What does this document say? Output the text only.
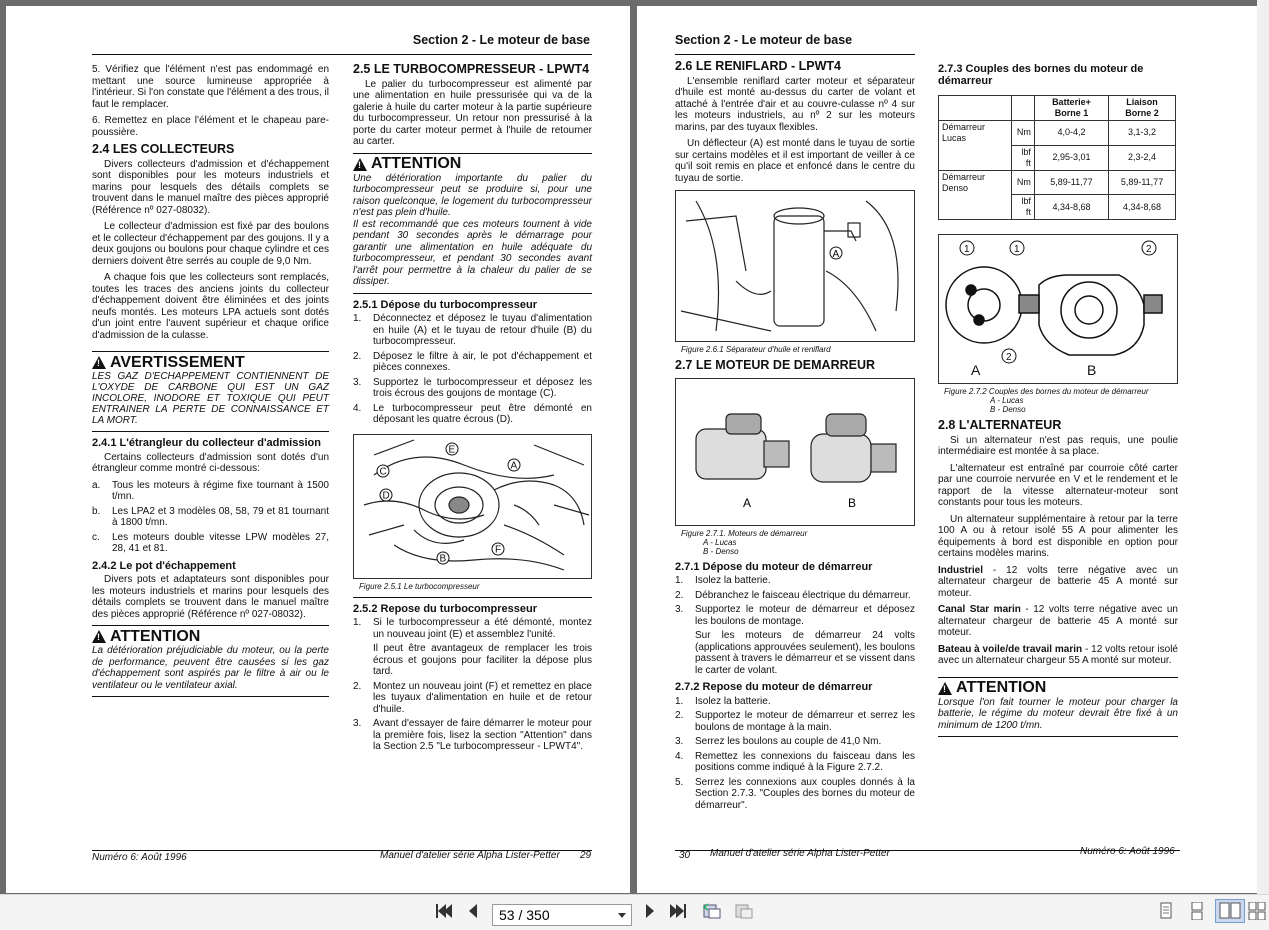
Section 2 - Le moteur de base

5. Vérifiez que l'élément n'est pas endommagé en mettant une source lumineuse appropriée à l'intérieur. Si l'on constate que l'élément a des trous, il faut le remplacer.

6. Remettez en place l'élément et le chapeau pare-poussière.

2.4 LES COLLECTEURS

Divers collecteurs d'admission et d'échappement sont disponibles pour les moteurs industriels et marins pour lesquels des détails complets se trouvent dans le manuel maître des pièces approprié (Référence nº 027-08032).

Le collecteur d'admission est fixé par des boulons et le collecteur d'échappement par des goujons. Il y a deux goujons ou boulons pour chaque cylindre et ces derniers doivent être serrés au couple de 9,0 Nm.

A chaque fois que les collecteurs sont remplacés, toutes les traces des anciens joints du collecteur d'échappement doivent être éliminées et des joints neufs montés. Les moteurs LPA actuels sont dotés d'un joint entre l'auvent supérieur et chaque orifice d'admission de la culasse.

!
AVERTISSEMENT

LES GAZ D'ECHAPPEMENT CONTIENNENT DE L'OXYDE DE CARBONE QUI EST UN GAZ INCOLORE, INODORE ET TOXIQUE QUI PEUT ENTRAINER LA PERTE DE CONNAISSANCE ET LA MORT.

2.4.1 L'étrangleur du collecteur d'admission

Certains collecteurs d'admission sont dotés d'un étrangleur comme montré ci-dessous:

a.	Tous les moteurs à régime fixe tournant à 1500 t/mn.
b.	Les LPA2 et 3 modèles 08, 58, 79 et 81 tournant à 1800 t/mn.
c.	Les moteurs double vitesse LPW modèles 27, 28, 41 et 81.
2.4.2 Le pot d'échappement

Divers pots et adaptateurs sont disponibles pour les moteurs industriels et marins pour lesquels des détails complets se trouvent dans le manuel maître des pièces approprié (Référence nº 027-08032).

!
ATTENTION

La détérioration préjudiciable du moteur, ou la perte de performance, peuvent être causées si les gaz d'échappement sont aspirés par le filtre à air ou le ventilateur ou le ventilateur axial.

2.5 LE TURBOCOMPRESSEUR - LPWT4

Le palier du turbocompresseur est alimenté par une alimentation en huile pressurisée qui va de la galerie à huile du carter moteur à la partie supérieure du turbocompresseur. Un retour non pressurisé à la porte du carter moteur permet à l'huile de retourner au carter.

!
ATTENTION

Une détérioration importante du palier du turbocompresseur peut se produire si, pour une raison quelconque, le logement du turbocompresseur n'est pas plein d'huile.

Il est recommandé que ces moteurs tournent à vide pendant 30 secondes après le démarrage pour garantir une alimentation en huile adéquate du turbocompresseur, et pendant 30 secondes avant l'arrêt pour permettre à la chaleur du palier de se dissiper.

2.5.1 Dépose du turbocompresseur
1.	Déconnectez et déposez le tuyau d'alimentation en huile (A) et le tuyau de retour d'huile (B) du turbocompresseur.
2.	Déposez le filtre à air, le pot d'échappement et pièces connexes.
3.	Supportez le turbocompresseur et déposez les trois écrous des goujons de montage (C).
4.	Le turbocompresseur peut être démonté en déposant les quatre écrous (D).
E
C
A
D
B
F
Figure 2.5.1 Le turbocompresseur
2.5.2 Repose du turbocompresseur
1.	Si le turbocompresseur a été démonté, montez un nouveau joint (E) et assemblez l'unité.
Il peut être avantageux de remplacer les trois écrous et goujons pour faciliter la dépose plus tard.
2.	Montez un nouveau joint (F) et remettez en place les tuyaux d'alimentation en huile et de retour d'huile.
3.	Avant d'essayer de faire démarrer le moteur pour la première fois, lisez la section "Attention" dans la Section 2.5 "Le turbocompresseur - LPWT4".
Numéro 6: Août 1996	Manuel d'atelier série Alpha Lister-Petter 29
Section 2 - Le moteur de base
2.6 LE RENIFLARD - LPWT4

L'ensemble reniflard carter moteur et séparateur d'huile est monté au-dessus du carter de volant et attaché à l'entrée d'air et au couvre-culasse nº 4 sur les moteurs industriels, au nº 2 sur les moteurs marins, par des tuyaux flexibles.

Un déflecteur (A) est monté dans le tuyau de sortie sur certains modèles et il est important de veiller à ce qu'il soit remis en place et enfoncé dans le centre du tuyau de sortie.

A
Figure 2.6.1 Séparateur d'huile et reniflard
2.7 LE MOTEUR DE DEMARREUR
A	B
Figure 2.7.1. Moteurs de démarreur
A - Lucas
B - Denso
2.7.1 Dépose du moteur de démarreur
1.	Isolez la batterie.
2.	Débranchez le faisceau électrique du démarreur.
3.	Supportez le moteur de démarreur et déposez les boulons de montage.
Sur les moteurs de démarreur 24 volts (applications approuvées seulement), les boulons passent à travers le démarreur et se vissent dans le carter de volant.
2.7.2 Repose du moteur de démarreur
1.	Isolez la batterie.
2.	Supportez le moteur de démarreur et serrez les boulons de montage à la main.
3.	Serrez les boulons au couple de 41,0 Nm.
4.	Remettez les connexions du faisceau dans les positions comme indiqué à la Figure 2.7.2.
5.	Serrez les connexions aux couples donnés à la Section 2.7.3. "Couples des bornes du moteur de démarreur".
2.7.3 Couples des bornes du moteur de démarreur
		Batterie+ Borne 1	Liaison Borne 2
Démarreur Lucas	Nm	4,0-4,2	3,1-3,2
	lbf ft	2,95-3,01	2,3-2,4
Démarreur Denso	Nm	5,89-11,77	5,89-11,77
	lbf ft	4,34-8,68	4,34-8,68
1	1	2
2
A	B
Figure 2.7.2 Couples des bornes du moteur de démarreur
A - Lucas
B - Denso
2.8 L'ALTERNATEUR

Si un alternateur n'est pas requis, une poulie intermédiaire est montée à sa place.

L'alternateur est entraîné par courroie côté carter par une courroie nervurée en V et le rendement et le rapport de la vitesse alternateur-moteur sont constants pour tous les moteurs.

Un alternateur supplémentaire à retour par la terre 100 A ou à retour isolé 55 A pour alimenter les équipements à bord est disponible en option pour certains modèles marins.

Industriel - 12 volts terre négative avec un alternateur chargeur de batterie 45 A monté sur moteur.

Canal Star marin - 12 volts terre négative avec un alternateur chargeur de batterie 45 A monté sur moteur.

Bateau à voile/de travail marin - 12 volts retour isolé avec un alternateur chargeur 55 A monté sur moteur.

!
ATTENTION

Lorsque l'on fait tourner le moteur pour charger la batterie, le régime du moteur devrait être fixé à un minimum de 1200 t/mn.

30 Manuel d'atelier série Alpha Lister-Petter	Numéro 6: Août 1996
53 / 350
